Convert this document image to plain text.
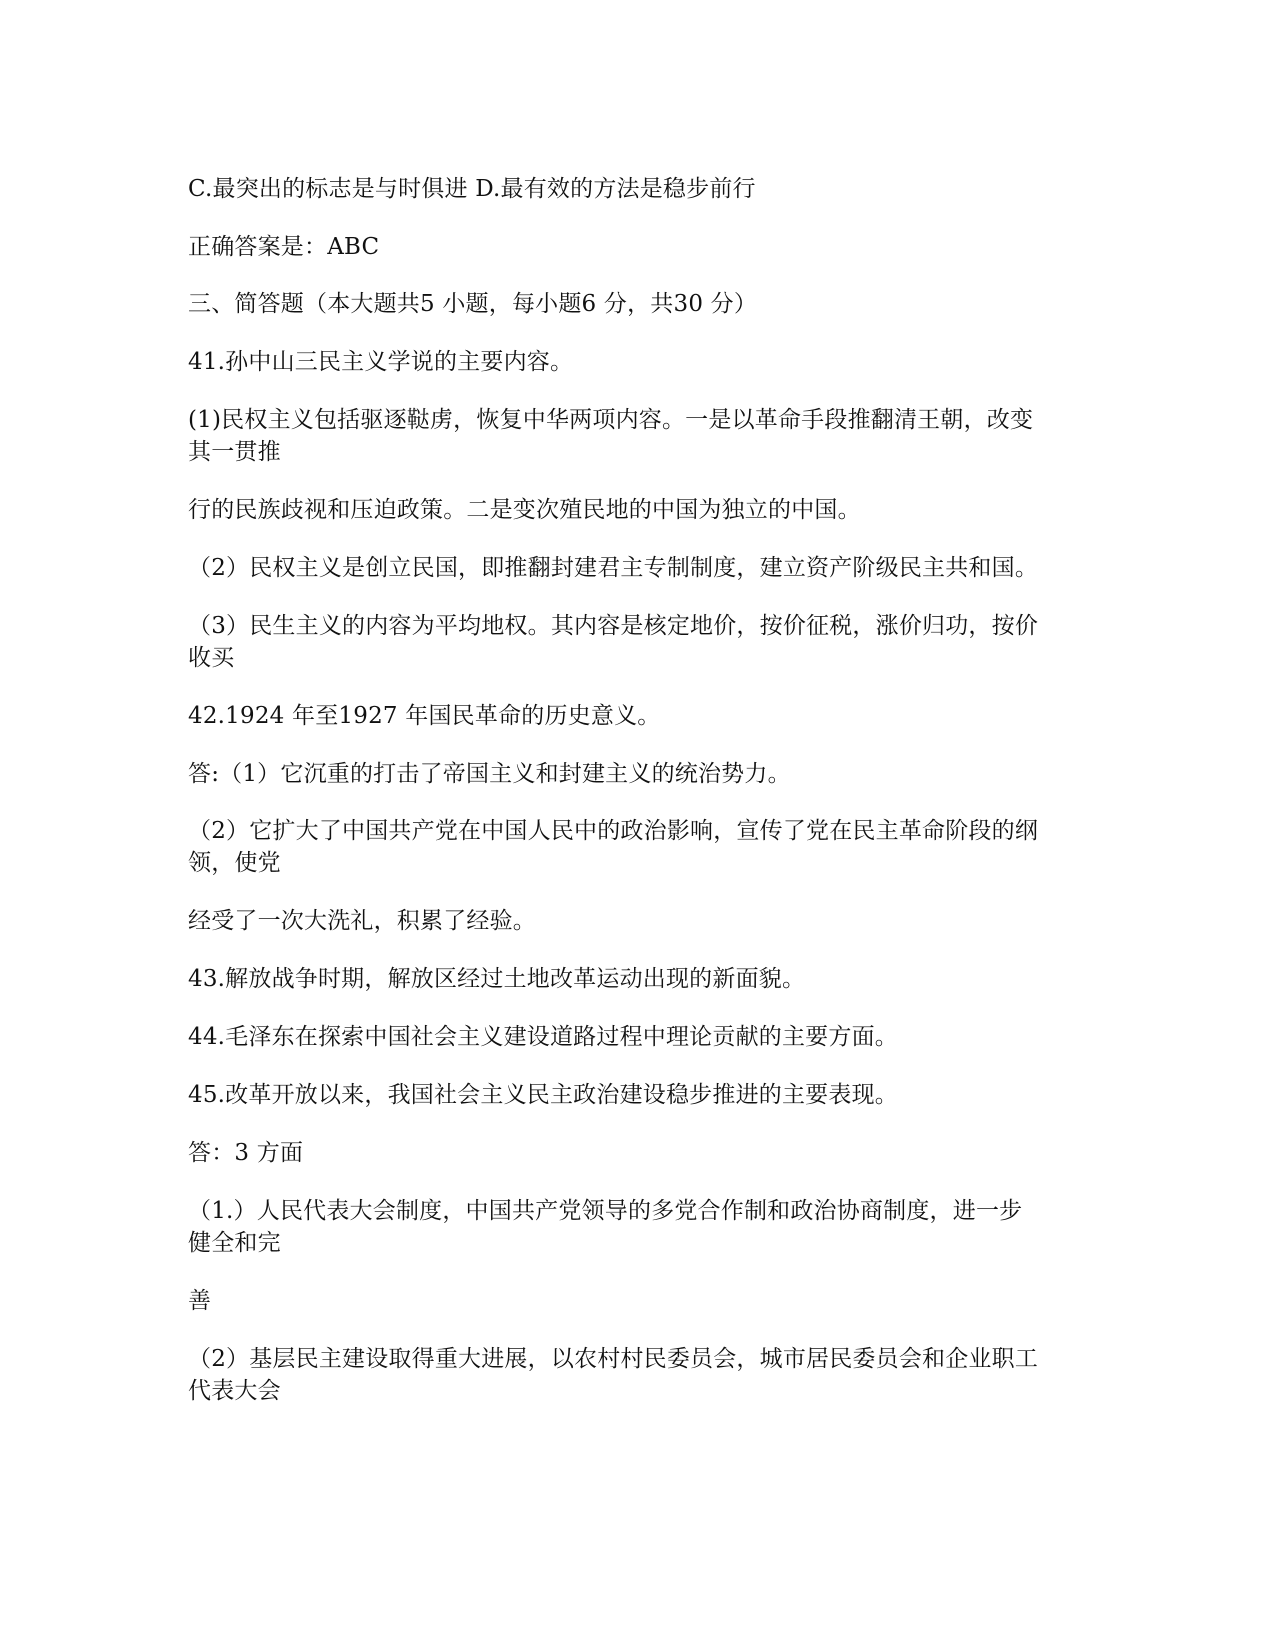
C.最突出的标志是与时俱进 D.最有效的方法是稳步前行

正确答案是：ABC

三、简答题（本大题共5 小题，每小题6 分，共30 分）

41.孙中山三民主义学说的主要内容。

(1)民权主义包括驱逐鞑虏，恢复中华两项内容。一是以革命手段推翻清王朝，改变

其一贯推

行的民族歧视和压迫政策。二是变次殖民地的中国为独立的中国。

（2）民权主义是创立民国，即推翻封建君主专制制度，建立资产阶级民主共和国。

（3）民生主义的内容为平均地权。其内容是核定地价，按价征税，涨价归功，按价

收买

42.1924 年至1927 年国民革命的历史意义。

答:（1）它沉重的打击了帝国主义和封建主义的统治势力。

（2）它扩大了中国共产党在中国人民中的政治影响，宣传了党在民主革命阶段的纲

领，使党

经受了一次大洗礼，积累了经验。

43.解放战争时期，解放区经过土地改革运动出现的新面貌。

44.毛泽东在探索中国社会主义建设道路过程中理论贡献的主要方面。

45.改革开放以来，我国社会主义民主政治建设稳步推进的主要表现。

答：3 方面

（1.）人民代表大会制度，中国共产党领导的多党合作制和政治协商制度，进一步

健全和完

善

（2）基层民主建设取得重大进展，以农村村民委员会，城市居民委员会和企业职工

代表大会
